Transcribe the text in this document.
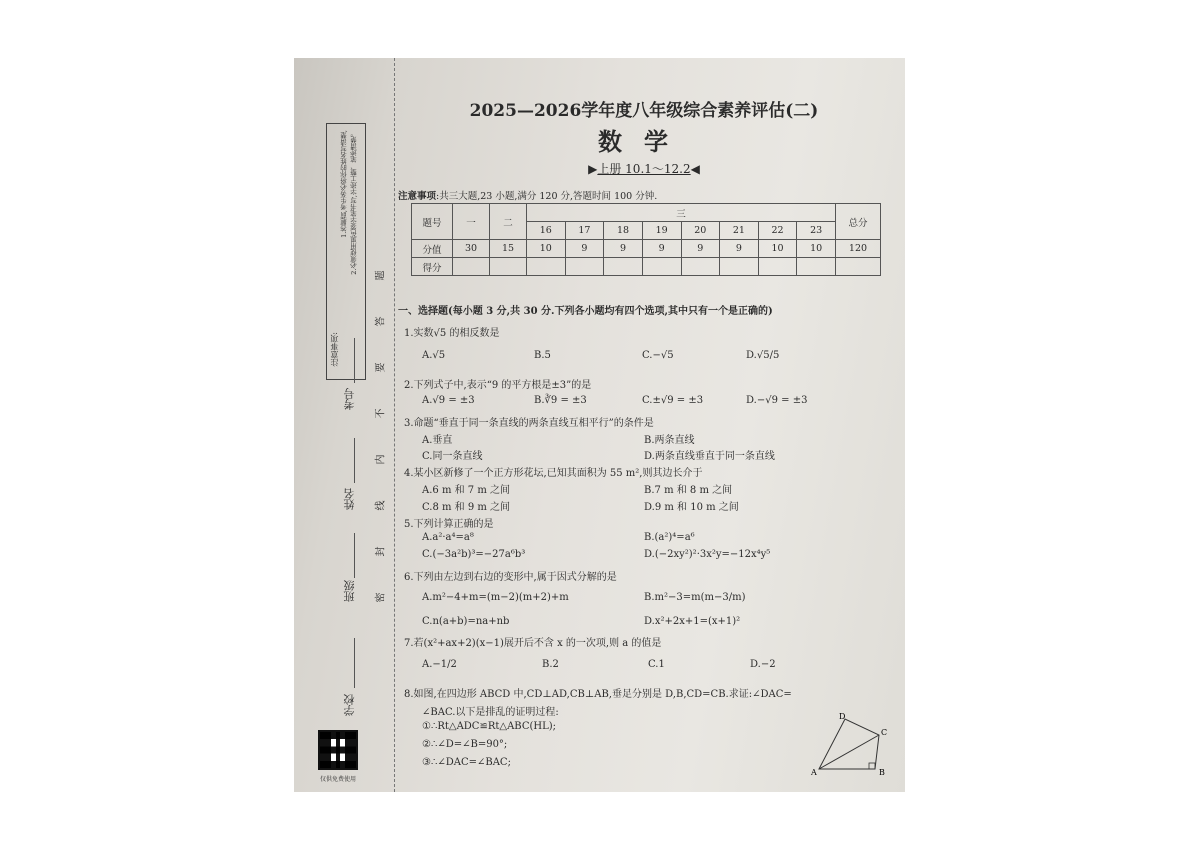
注意事项:
1.答题前,考生务必将你的姓名写清楚, 2.必须使用黑色签字笔书写,字迹工整、笔迹清楚。
考号
姓名
班级
学校
题
答
要
不
内
线
封
密
仅供免费使用
2025—2026学年度八年级综合素养评估(二)
数学
▶上册 10.1～12.2◀
注意事项:共三大题,23 小题,满分 120 分,答题时间 100 分钟.
题号	一	二	三								总分
			16	17	18	19	20	21	22	23	
分值	30	15	10	9	9	9	9	9	10	10	120
得分											
一、选择题(每小题 3 分,共 30 分.下列各小题均有四个选项,其中只有一个是正确的)
1.实数√5 的相反数是
A.√5	B.5	C.−√5	D.√5/5
2.下列式子中,表示“9 的平方根是±3”的是
A.√9 = ±3	B.∛9 = ±3	C.±√9 = ±3	D.−√9 = ±3
3.命题“垂直于同一条直线的两条直线互相平行”的条件是
A.垂直	B.两条直线
C.同一条直线	D.两条直线垂直于同一条直线
4.某小区新修了一个正方形花坛,已知其面积为 55 m²,则其边长介于
A.6 m 和 7 m 之间	B.7 m 和 8 m 之间
C.8 m 和 9 m 之间	D.9 m 和 10 m 之间
5.下列计算正确的是
A.a²·a⁴=a⁸	B.(a²)⁴=a⁶
C.(−3a²b)³=−27a⁶b³	D.(−2xy²)²·3x²y=−12x⁴y⁵
6.下列由左边到右边的变形中,属于因式分解的是
A.m²−4+m=(m−2)(m+2)+m	B.m²−3=m(m−3/m)
C.n(a+b)=na+nb	D.x²+2x+1=(x+1)²
7.若(x²+ax+2)(x−1)展开后不含 x 的一次项,则 a 的值是
A.−1/2	B.2	C.1	D.−2
8.如图,在四边形 ABCD 中,CD⊥AD,CB⊥AB,垂足分别是 D,B,CD=CB.求证:∠DAC=
∠BAC.以下是排乱的证明过程:
①∴Rt△ADC≌Rt△ABC(HL);
②∴∠D=∠B=90°;
③∴∠DAC=∠BAC;
A	B
C
D
